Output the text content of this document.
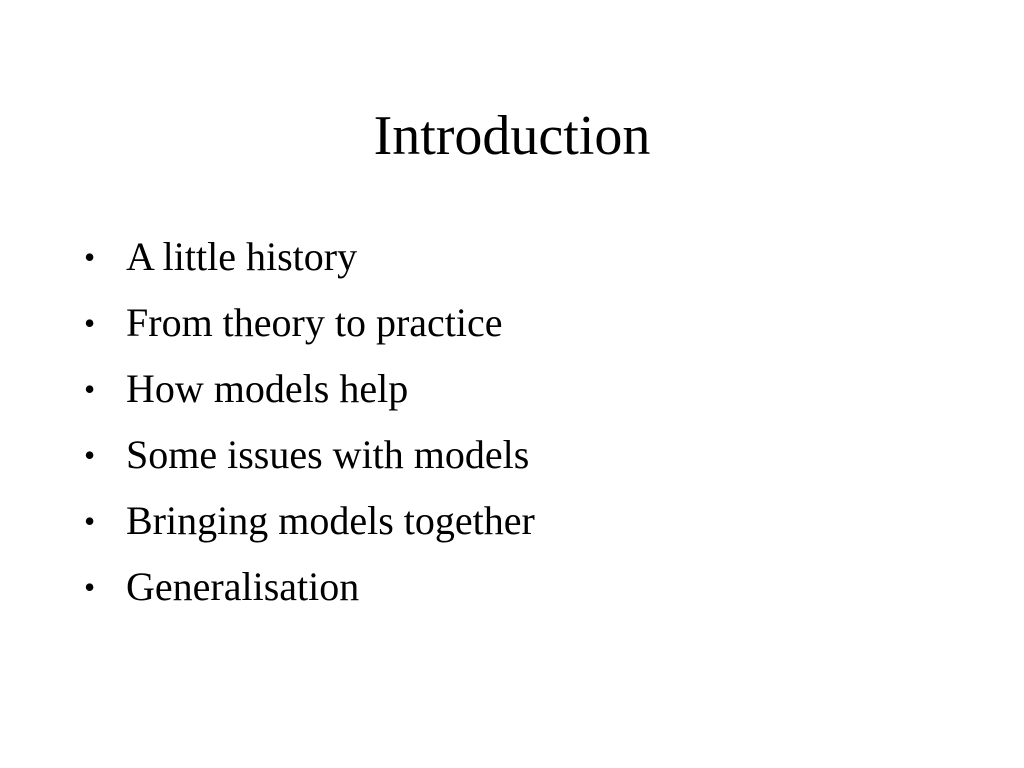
Introduction
• A little history
• From theory to practice
• How models help
• Some issues with models
• Bringing models together
• Generalisation
